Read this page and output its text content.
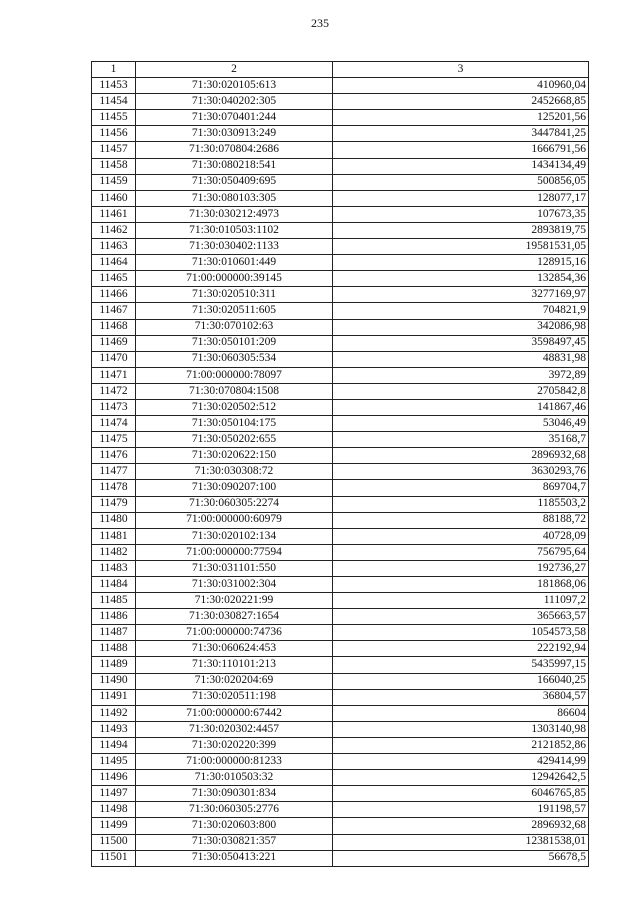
235
1	2	3
11453	71:30:020105:613	410960,04
11454	71:30:040202:305	2452668,85
11455	71:30:070401:244	125201,56
11456	71:30:030913:249	3447841,25
11457	71:30:070804:2686	1666791,56
11458	71:30:080218:541	1434134,49
11459	71:30:050409:695	500856,05
11460	71:30:080103:305	128077,17
11461	71:30:030212:4973	107673,35
11462	71:30:010503:1102	2893819,75
11463	71:30:030402:1133	19581531,05
11464	71:30:010601:449	128915,16
11465	71:00:000000:39145	132854,36
11466	71:30:020510:311	3277169,97
11467	71:30:020511:605	704821,9
11468	71:30:070102:63	342086,98
11469	71:30:050101:209	3598497,45
11470	71:30:060305:534	48831,98
11471	71:00:000000:78097	3972,89
11472	71:30:070804:1508	2705842,8
11473	71:30:020502:512	141867,46
11474	71:30:050104:175	53046,49
11475	71:30:050202:655	35168,7
11476	71:30:020622:150	2896932,68
11477	71:30:030308:72	3630293,76
11478	71:30:090207:100	869704,7
11479	71:30:060305:2274	1185503,2
11480	71:00:000000:60979	88188,72
11481	71:30:020102:134	40728,09
11482	71:00:000000:77594	756795,64
11483	71:30:031101:550	192736,27
11484	71:30:031002:304	181868,06
11485	71:30:020221:99	111097,2
11486	71:30:030827:1654	365663,57
11487	71:00:000000:74736	1054573,58
11488	71:30:060624:453	222192,94
11489	71:30:110101:213	5435997,15
11490	71:30:020204:69	166040,25
11491	71:30:020511:198	36804,57
11492	71:00:000000:67442	86604
11493	71:30:020302:4457	1303140,98
11494	71:30:020220:399	2121852,86
11495	71:00:000000:81233	429414,99
11496	71:30:010503:32	12942642,5
11497	71:30:090301:834	6046765,85
11498	71:30:060305:2776	191198,57
11499	71:30:020603:800	2896932,68
11500	71:30:030821:357	12381538,01
11501	71:30:050413:221	56678,5
